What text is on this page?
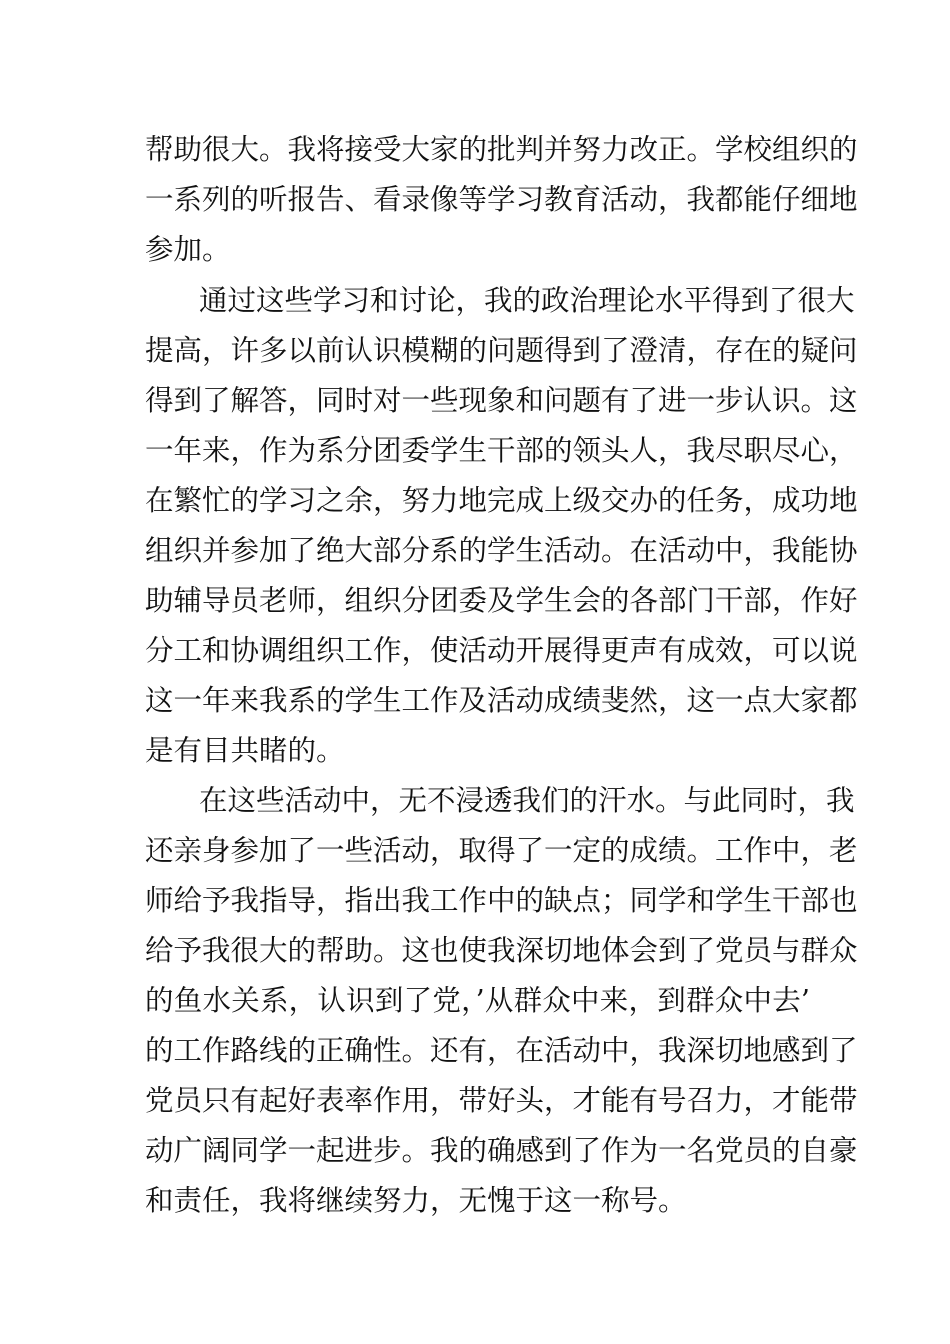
帮助很大。我将接受大家的批判并努力改正。学校组织的
一系列的听报告、看录像等学习教育活动，我都能仔细地
参加。
通过这些学习和讨论，我的政治理论水平得到了很大
提高，许多以前认识模糊的问题得到了澄清，存在的疑问
得到了解答，同时对一些现象和问题有了进一步认识。这
一年来，作为系分团委学生干部的领头人，我尽职尽心，
在繁忙的学习之余，努力地完成上级交办的任务，成功地
组织并参加了绝大部分系的学生活动。在活动中，我能协
助辅导员老师，组织分团委及学生会的各部门干部，作好
分工和协调组织工作，使活动开展得更声有成效，可以说
这一年来我系的学生工作及活动成绩斐然，这一点大家都
是有目共睹的。
在这些活动中，无不浸透我们的汗水。与此同时，我
还亲身参加了一些活动，取得了一定的成绩。工作中，老
师给予我指导，指出我工作中的缺点；同学和学生干部也
给予我很大的帮助。这也使我深切地体会到了党员与群众
的鱼水关系，认识到了党，’从群众中来，到群众中去’
的工作路线的正确性。还有，在活动中，我深切地感到了
党员只有起好表率作用，带好头，才能有号召力，才能带
动广阔同学一起进步。我的确感到了作为一名党员的自豪
和责任，我将继续努力，无愧于这一称号。
